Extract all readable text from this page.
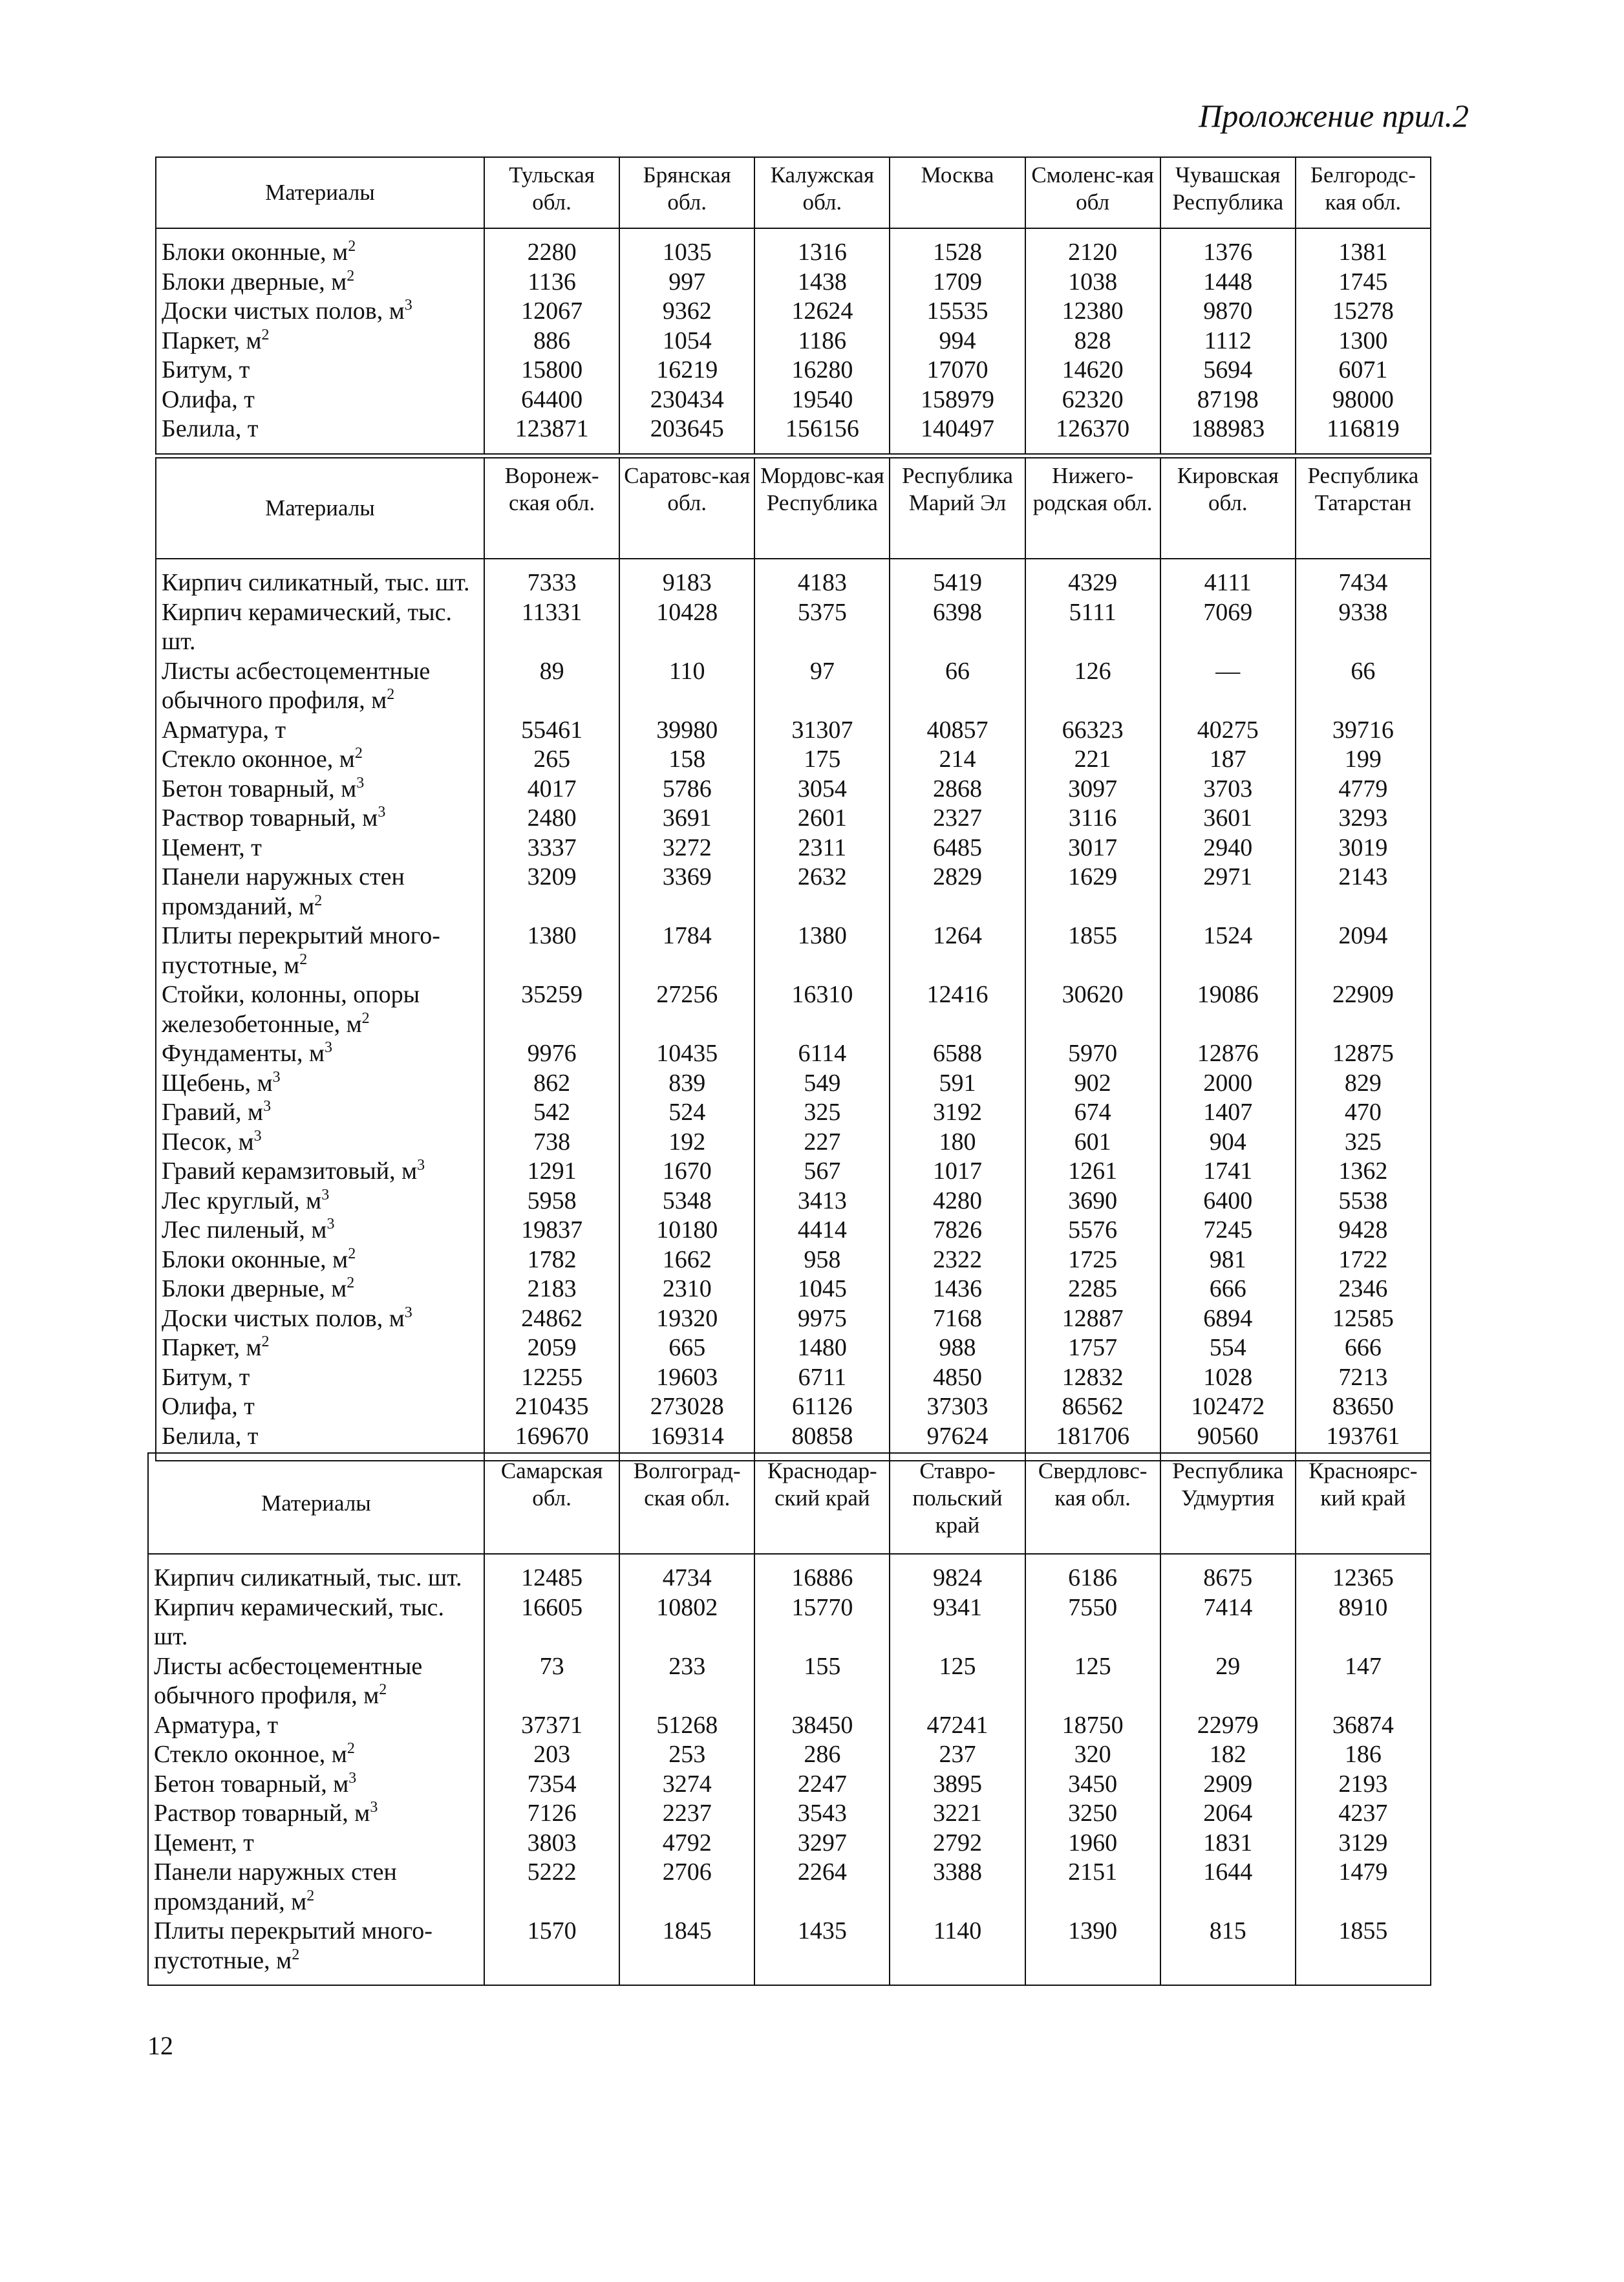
Проложение прил.2
Материалы	Тульская обл.	Брянская обл.	Калужская обл.	Москва	Смоленс-кая обл	Чувашская Республика	Белгородс-кая обл.
Блоки оконные, $м^2$	2280	1035	1316	1528	2120	1376	1381
Блоки дверные, $м^2$	1136	997	1438	1709	1038	1448	1745
Доски чистых полов, $м^3$	12067	9362	12624	15535	12380	9870	15278
Паркет, $м^2$	886	1054	1186	994	828	1112	1300
Битум, т	15800	16219	16280	17070	14620	5694	6071
Олифа, т	64400	230434	19540	158979	62320	87198	98000
Белила, т	123871	203645	156156	140497	126370	188983	116819
Материалы	Воронеж-ская обл.	Саратовс-кая обл.	Мордовс-кая Республика	Республика Марий Эл	Нижего-родская обл.	Кировская обл.	Республика Татарстан
Кирпич силикатный, тыс. шт.	7333	9183	4183	5419	4329	4111	7434
Кирпич керамический, тыс. шт.	11331	10428	5375	6398	5111	7069	9338
Листы асбестоцементные обычного профиля, $м^2$	89	110	97	66	126	—	66
Арматура, т	55461	39980	31307	40857	66323	40275	39716
Стекло оконное, $м^2$	265	158	175	214	221	187	199
Бетон товарный, $м^3$	4017	5786	3054	2868	3097	3703	4779
Раствор товарный, $м^3$	2480	3691	2601	2327	3116	3601	3293
Цемент, т	3337	3272	2311	6485	3017	2940	3019
Панели наружных стен промзданий, $м^2$	3209	3369	2632	2829	1629	2971	2143
Плиты перекрытий много-пустотные, $м^2$	1380	1784	1380	1264	1855	1524	2094
Стойки, колонны, опоры железобетонные, $м^2$	35259	27256	16310	12416	30620	19086	22909
Фундаменты, $м^3$	9976	10435	6114	6588	5970	12876	12875
Щебень, $м^3$	862	839	549	591	902	2000	829
Гравий, $м^3$	542	524	325	3192	674	1407	470
Песок, $м^3$	738	192	227	180	601	904	325
Гравий керамзитовый, $м^3$	1291	1670	567	1017	1261	1741	1362
Лес круглый, $м^3$	5958	5348	3413	4280	3690	6400	5538
Лес пиленый, $м^3$	19837	10180	4414	7826	5576	7245	9428
Блоки оконные, $м^2$	1782	1662	958	2322	1725	981	1722
Блоки дверные, $м^2$	2183	2310	1045	1436	2285	666	2346
Доски чистых полов, $м^3$	24862	19320	9975	7168	12887	6894	12585
Паркет, $м^2$	2059	665	1480	988	1757	554	666
Битум, т	12255	19603	6711	4850	12832	1028	7213
Олифа, т	210435	273028	61126	37303	86562	102472	83650
Белила, т	169670	169314	80858	97624	181706	90560	193761
Материалы	Самарская обл.	Волгоград-ская обл.	Краснодар-ский край	Ставро-польский край	Свердловс-кая обл.	Республика Удмуртия	Красноярс-кий край
Кирпич силикатный, тыс. шт.	12485	4734	16886	9824	6186	8675	12365
Кирпич керамический, тыс. шт.	16605	10802	15770	9341	7550	7414	8910
Листы асбестоцементные обычного профиля, $м^2$	73	233	155	125	125	29	147
Арматура, т	37371	51268	38450	47241	18750	22979	36874
Стекло оконное, $м^2$	203	253	286	237	320	182	186
Бетон товарный, $м^3$	7354	3274	2247	3895	3450	2909	2193
Раствор товарный, $м^3$	7126	2237	3543	3221	3250	2064	4237
Цемент, т	3803	4792	3297	2792	1960	1831	3129
Панели наружных стен промзданий, $м^2$	5222	2706	2264	3388	2151	1644	1479
Плиты перекрытий много-пустотные, $м^2$	1570	1845	1435	1140	1390	815	1855
12
